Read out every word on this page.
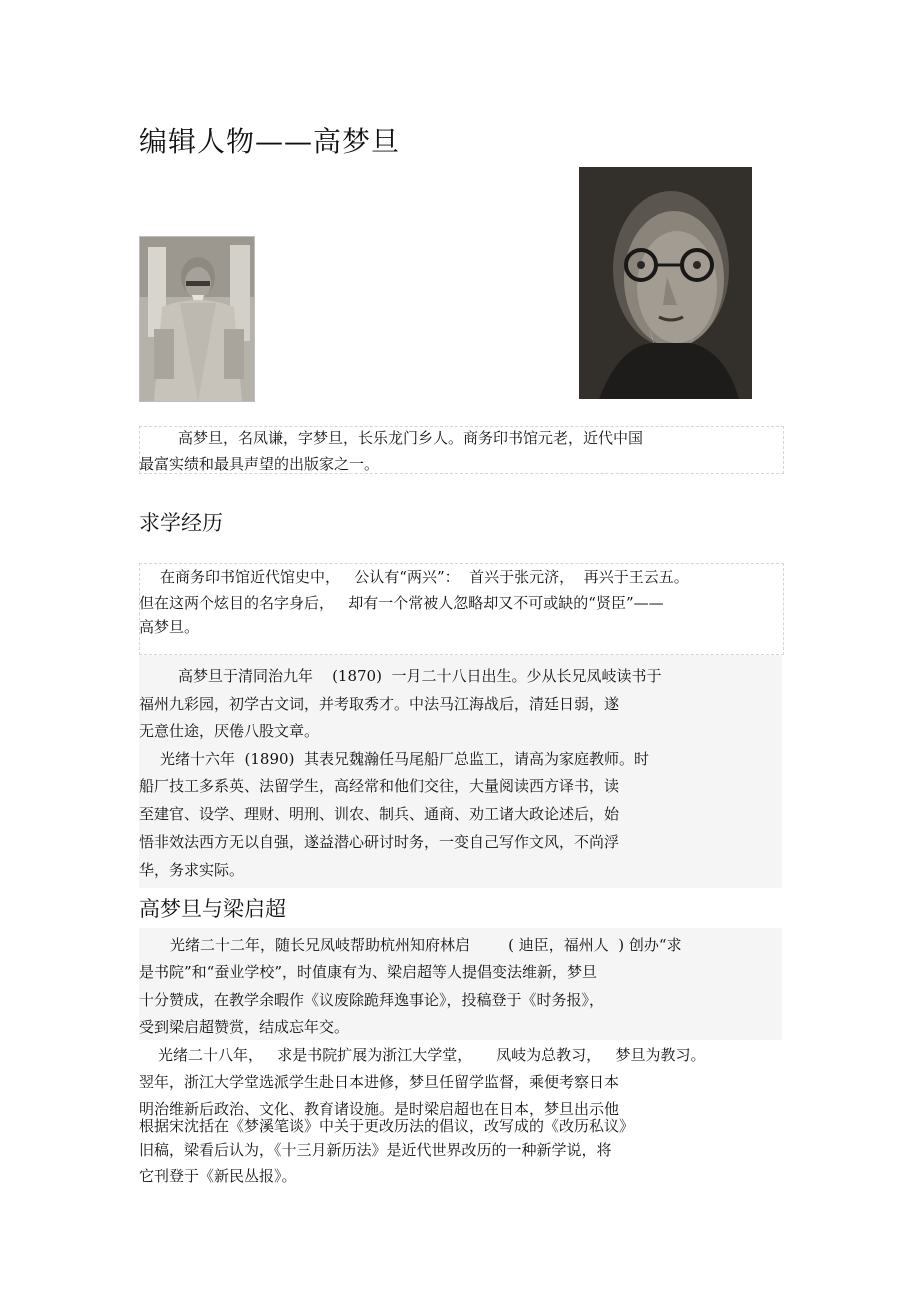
编辑人物——高梦旦
高梦旦，名凤谦，字梦旦，长乐龙门乡人。商务印书馆元老，近代中国
最富实绩和最具声望的出版家之一。
求学经历
在商务印书馆近代馆史中，   公认有“两兴”：  首兴于张元济，  再兴于王云五。
但在这两个炫目的名字身后，   却有一个常被人忽略却又不可或缺的“贤臣”——
高梦旦。
高梦旦于清同治九年    (1870)  一月二十八日出生。少从长兄凤岐读书于
福州九彩园，初学古文词，并考取秀才。中法马江海战后，清廷日弱，遂
无意仕途，厌倦八股文章。
光绪十六年  (1890)  其表兄魏瀚任马尾船厂总监工，请高为家庭教师。时
船厂技工多系英、法留学生，高经常和他们交往，大量阅读西方译书，读
至建官、设学、理财、明刑、训农、制兵、通商、劝工诸大政论述后，始
悟非效法西方无以自强，遂益潜心研讨时务，一变自己写作文风，不尚浮
华，务求实际。
高梦旦与梁启超
光绪二十二年，随长兄凤岐帮助杭州知府林启        ( 迪臣，福州人  ) 创办“求
是书院”和“蚕业学校”，时值康有为、梁启超等人提倡变法维新，梦旦
十分赞成，在教学余暇作《议废除跪拜逸事论》，投稿登于《时务报》，
受到梁启超赞赏，结成忘年交。
光绪二十八年，   求是书院扩展为浙江大学堂，     凤岐为总教习，   梦旦为教习。
翌年，浙江大学堂选派学生赴日本进修，梦旦任留学监督，乘便考察日本
明治维新后政治、文化、教育诸设施。是时梁启超也在日本，梦旦出示他
根据宋沈括在《梦溪笔谈》中关于更改历法的倡议，改写成的《改历私议》
旧稿，梁看后认为，《十三月新历法》是近代世界改历的一种新学说，将
它刊登于《新民丛报》。
